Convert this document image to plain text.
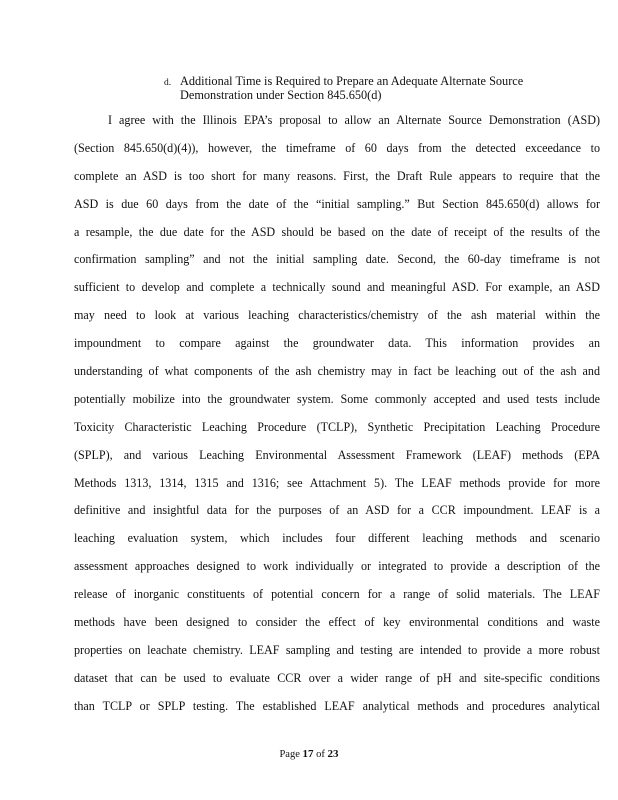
d. Additional Time is Required to Prepare an Adequate Alternate Source
Demonstration under Section 845.650(d)
I agree with the Illinois EPA’s proposal to allow an Alternate Source Demonstration (ASD)
(Section 845.650(d)(4)), however, the timeframe of 60 days from the detected exceedance to
complete an ASD is too short for many reasons. First, the Draft Rule appears to require that the
ASD is due 60 days from the date of the “initial sampling.” But Section 845.650(d) allows for
a resample, the due date for the ASD should be based on the date of receipt of the results of the
confirmation sampling” and not the initial sampling date. Second, the 60-day timeframe is not
sufficient to develop and complete a technically sound and meaningful ASD. For example, an ASD
may need to look at various leaching characteristics/chemistry of the ash material within the
impoundment to compare against the groundwater data. This information provides an
understanding of what components of the ash chemistry may in fact be leaching out of the ash and
potentially mobilize into the groundwater system. Some commonly accepted and used tests include
Toxicity Characteristic Leaching Procedure (TCLP), Synthetic Precipitation Leaching Procedure
(SPLP), and various Leaching Environmental Assessment Framework (LEAF) methods (EPA
Methods 1313, 1314, 1315 and 1316; see Attachment 5). The LEAF methods provide for more
definitive and insightful data for the purposes of an ASD for a CCR impoundment. LEAF is a
leaching evaluation system, which includes four different leaching methods and scenario
assessment approaches designed to work individually or integrated to provide a description of the
release of inorganic constituents of potential concern for a range of solid materials. The LEAF
methods have been designed to consider the effect of key environmental conditions and waste
properties on leachate chemistry. LEAF sampling and testing are intended to provide a more robust
dataset that can be used to evaluate CCR over a wider range of pH and site-specific conditions
than TCLP or SPLP testing. The established LEAF analytical methods and procedures analytical
Page 17 of 23
